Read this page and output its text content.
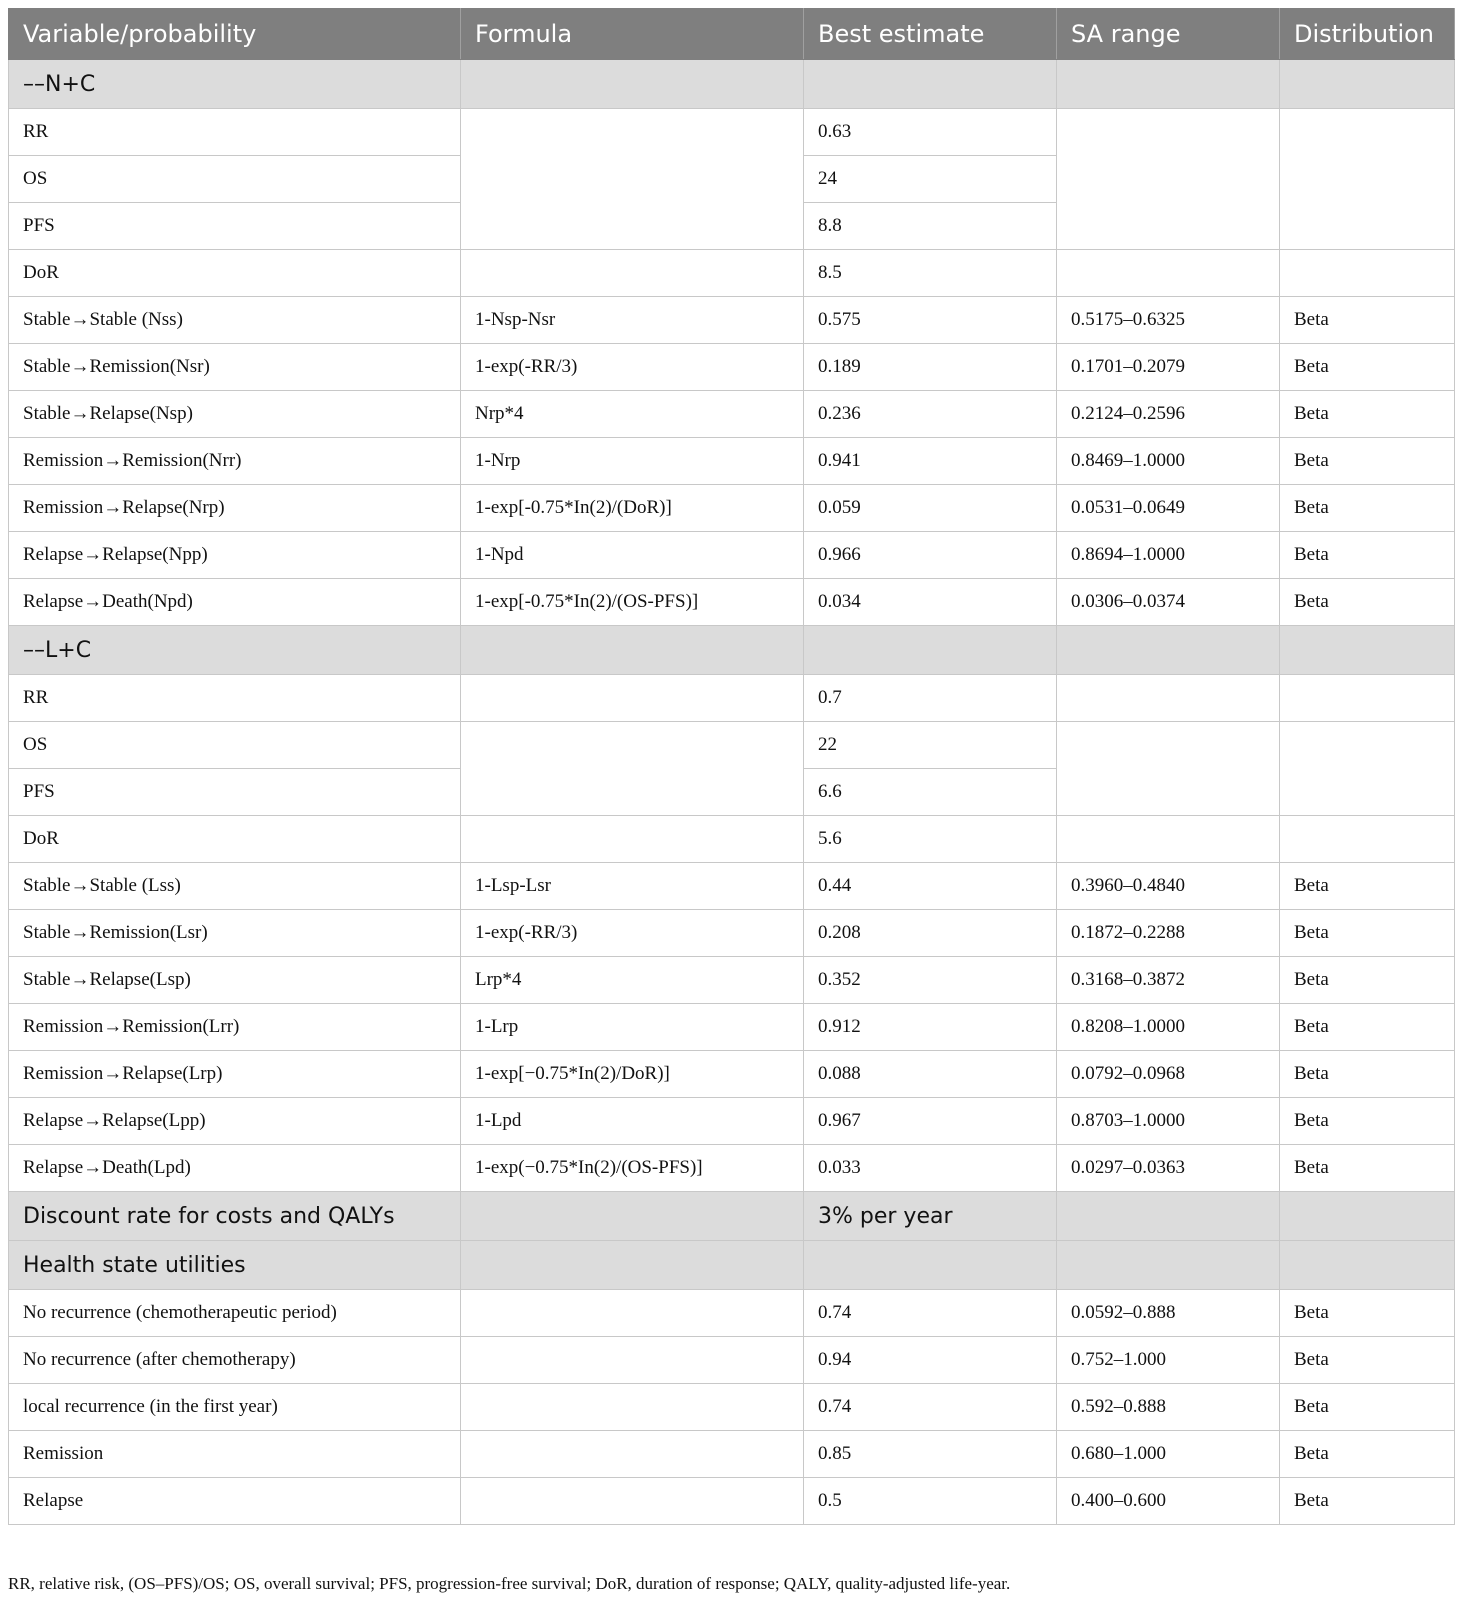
Variable/probability	Formula	Best estimate	SA range	Distribution
––N+C				
RR		0.63		
OS		24		
PFS		8.8		
DoR		8.5		
Stable→Stable (Nss)	1-Nsp-Nsr	0.575	0.5175–0.6325	Beta
Stable→Remission(Nsr)	1-exp(-RR/3)	0.189	0.1701–0.2079	Beta
Stable→Relapse(Nsp)	Nrp*4	0.236	0.2124–0.2596	Beta
Remission→Remission(Nrr)	1-Nrp	0.941	0.8469–1.0000	Beta
Remission→Relapse(Nrp)	1-exp[-0.75*In(2)/(DoR)]	0.059	0.0531–0.0649	Beta
Relapse→Relapse(Npp)	1-Npd	0.966	0.8694–1.0000	Beta
Relapse→Death(Npd)	1-exp[-0.75*In(2)/(OS-PFS)]	0.034	0.0306–0.0374	Beta
––L+C				
RR		0.7		
OS		22		
PFS		6.6		
DoR		5.6		
Stable→Stable (Lss)	1-Lsp-Lsr	0.44	0.3960–0.4840	Beta
Stable→Remission(Lsr)	1-exp(-RR/3)	0.208	0.1872–0.2288	Beta
Stable→Relapse(Lsp)	Lrp*4	0.352	0.3168–0.3872	Beta
Remission→Remission(Lrr)	1-Lrp	0.912	0.8208–1.0000	Beta
Remission→Relapse(Lrp)	1-exp[−0.75*In(2)/DoR)]	0.088	0.0792–0.0968	Beta
Relapse→Relapse(Lpp)	1-Lpd	0.967	0.8703–1.0000	Beta
Relapse→Death(Lpd)	1-exp(−0.75*In(2)/(OS-PFS)]	0.033	0.0297–0.0363	Beta
Discount rate for costs and QALYs		3% per year		
Health state utilities				
No recurrence (chemotherapeutic period)		0.74	0.0592–0.888	Beta
No recurrence (after chemotherapy)		0.94	0.752–1.000	Beta
local recurrence (in the first year)		0.74	0.592–0.888	Beta
Remission		0.85	0.680–1.000	Beta
Relapse		0.5	0.400–0.600	Beta
RR, relative risk, (OS–PFS)/OS; OS, overall survival; PFS, progression-free survival; DoR, duration of response; QALY, quality-adjusted life-year.
